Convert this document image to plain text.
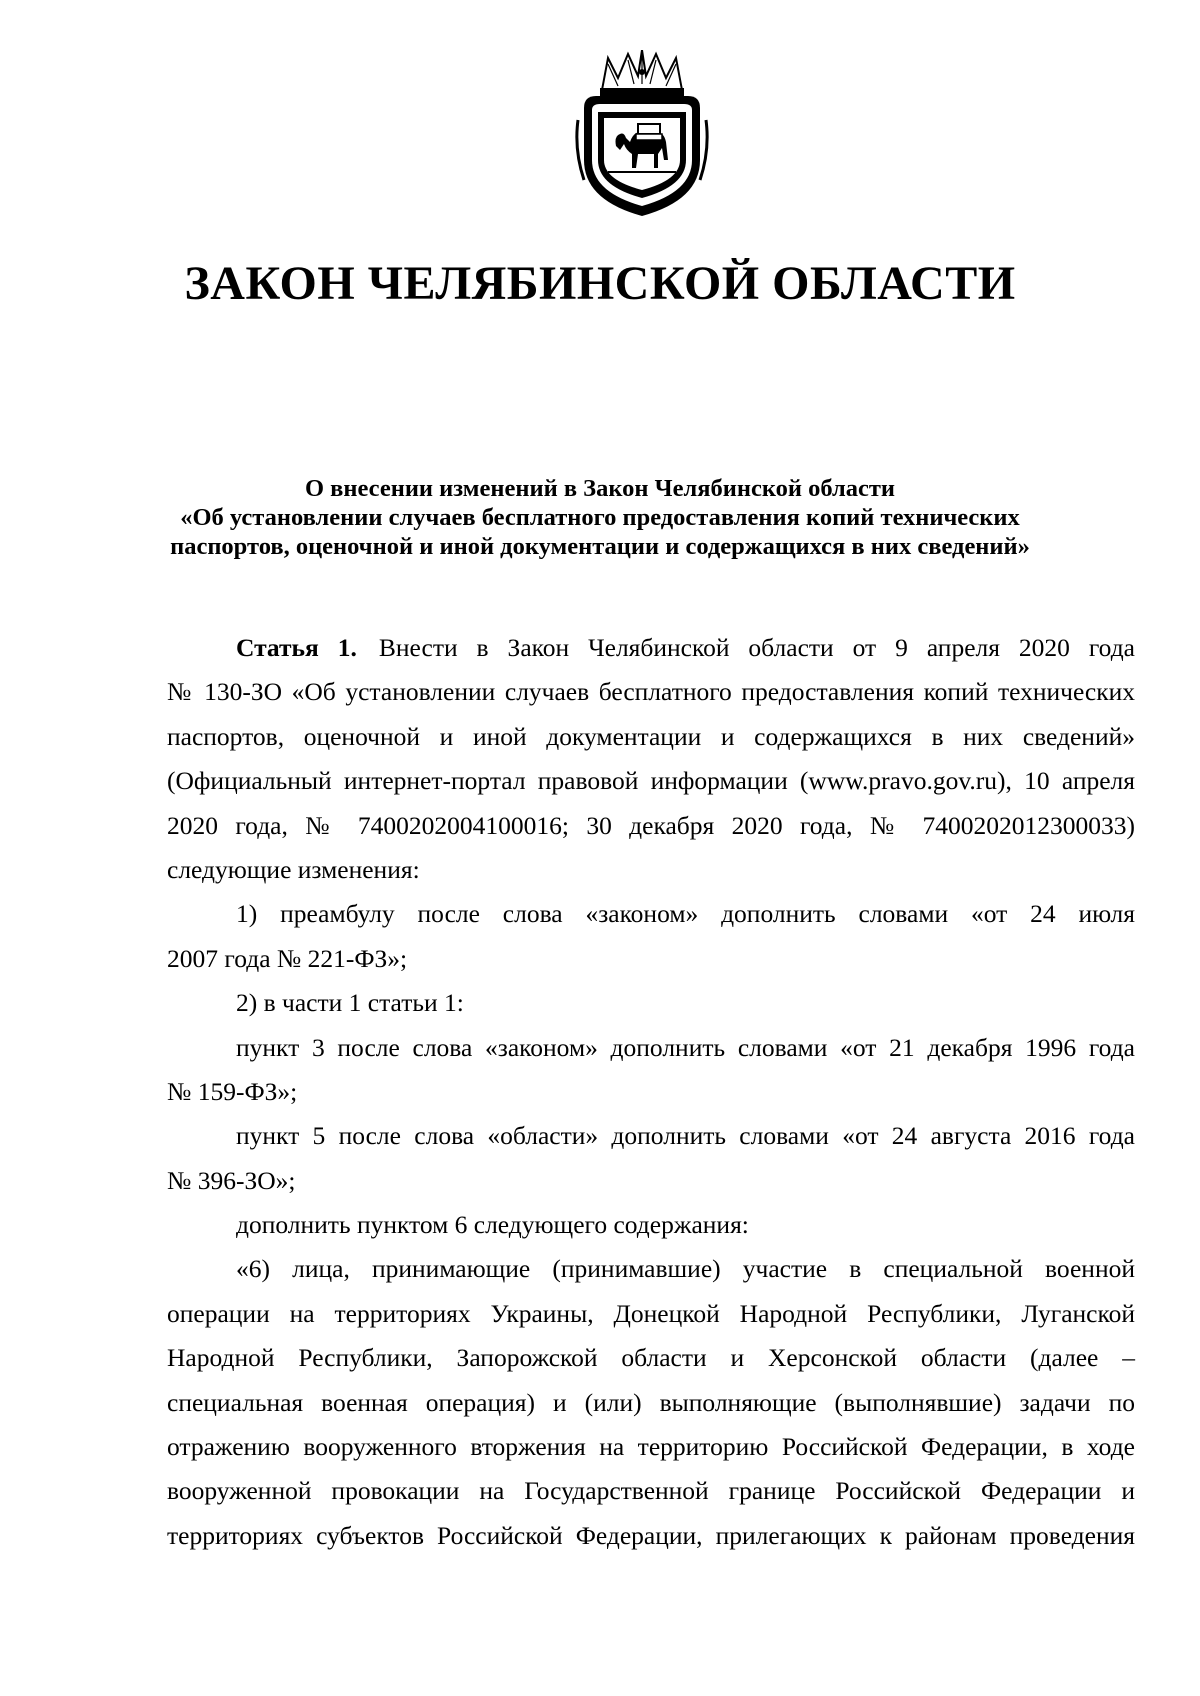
ЗАКОН ЧЕЛЯБИНСКОЙ ОБЛАСТИ
О внесении изменений в Закон Челябинской области
«Об установлении случаев бесплатного предоставления копий технических
паспортов, оценочной и иной документации и содержащихся в них сведений»
Статья 1. Внести в Закон Челябинской области от 9 апреля 2020 года
№ 130-ЗО «Об установлении случаев бесплатного предоставления копий технических
паспортов, оценочной и иной документации и содержащихся в них сведений»
(Официальный интернет-портал правовой информации (www.pravo.gov.ru), 10 апреля
2020 года, № 7400202004100016; 30 декабря 2020 года, № 7400202012300033)
следующие изменения:
1) преамбулу после слова «законом» дополнить словами «от 24 июля
2007 года № 221-ФЗ»;
2) в части 1 статьи 1:
пункт 3 после слова «законом» дополнить словами «от 21 декабря 1996 года
№ 159-ФЗ»;
пункт 5 после слова «области» дополнить словами «от 24 августа 2016 года
№ 396-ЗО»;
дополнить пунктом 6 следующего содержания:
«6) лица, принимающие (принимавшие) участие в специальной военной
операции на территориях Украины, Донецкой Народной Республики, Луганской
Народной Республики, Запорожской области и Херсонской области (далее –
специальная военная операция) и (или) выполняющие (выполнявшие) задачи по
отражению вооруженного вторжения на территорию Российской Федерации, в ходе
вооруженной провокации на Государственной границе Российской Федерации и
территориях субъектов Российской Федерации, прилегающих к районам проведения
